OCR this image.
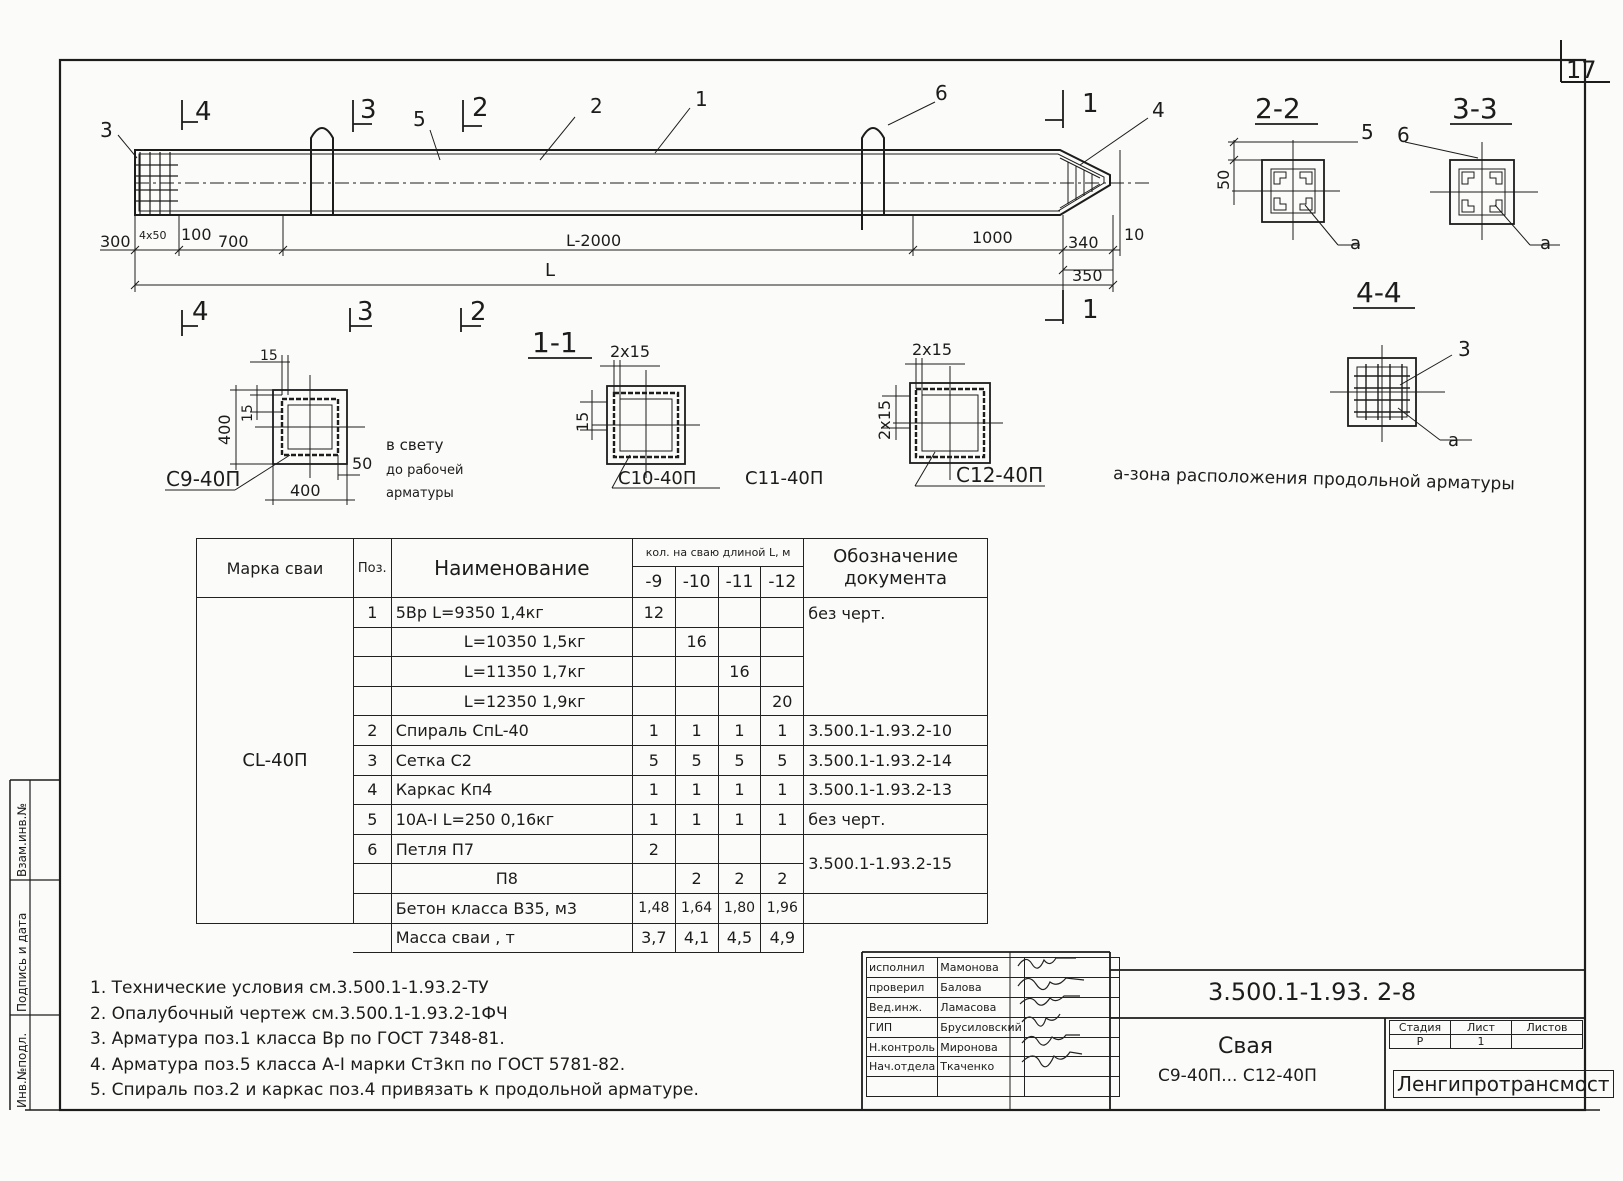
17
Инв.№подл.
Подпись и дата
Взам.инв.№
3	5
2	1	6
4
4
4
3
3
2
2
1
1
300 4x50 100 700	L-2000	1000	340 10
L	350
2-2
50
5 6
a
3-3
a
4-4
3
a
1-1
15
400
15
400
50
в свету
до рабочей
арматуры
С9-40П
2x15
15
С10-40П	С11-40П
2x15
2x15
С12-40П	а-зона расположения продольной арматуры
Марка сваи	Поз.	Наименование	кол. на сваю длиной L, м				Обозначение документа
			-9	-10	-11	-12	
СL-40П	1	5Вр L=9350 1,4кг	12				без черт.
		L=10350 1,5кг		16			
		L=11350 1,7кг			16		
		L=12350 1,9кг				20	
	2	Спираль СпL-40	1	1	1	1	3.500.1-1.93.2-10
	3	Сетка С2	5	5	5	5	3.500.1-1.93.2-14
	4	Каркас Кп4	1	1	1	1	3.500.1-1.93.2-13
	5	10А-I L=250 0,16кг	1	1	1	1	без черт.
	6	Петля П7	2				3.500.1-1.93.2-15
		П8		2	2	2	
		Бетон класса В35, м3	1,48	1,64	1,80	1,96	
		Масса сваи , т	3,7	4,1	4,5	4,9	
1. Технические условия см.3.500.1-1.93.2-ТУ
2. Опалубочный чертеж см.3.500.1-1.93.2-1ФЧ
3. Арматура поз.1 класса Вр по ГОСТ 7348-81.
4. Арматура поз.5 класса А-I марки Ст3кп по ГОСТ 5781-82.
5. Спираль поз.2 и каркас поз.4 привязать к продольной арматуре.
исполнил	Мамонова	
проверил	Балова	
Вед.инж.	Ламасова	
ГИП	Брусиловский	
Н.контроль	Миронова	
Нач.отдела	Ткаченко	

3.500.1-1.93. 2-8
Свая
С9-40П... С12-40П
Стадия	Лист	Листов
Р	1	
Ленгипротрансмост
